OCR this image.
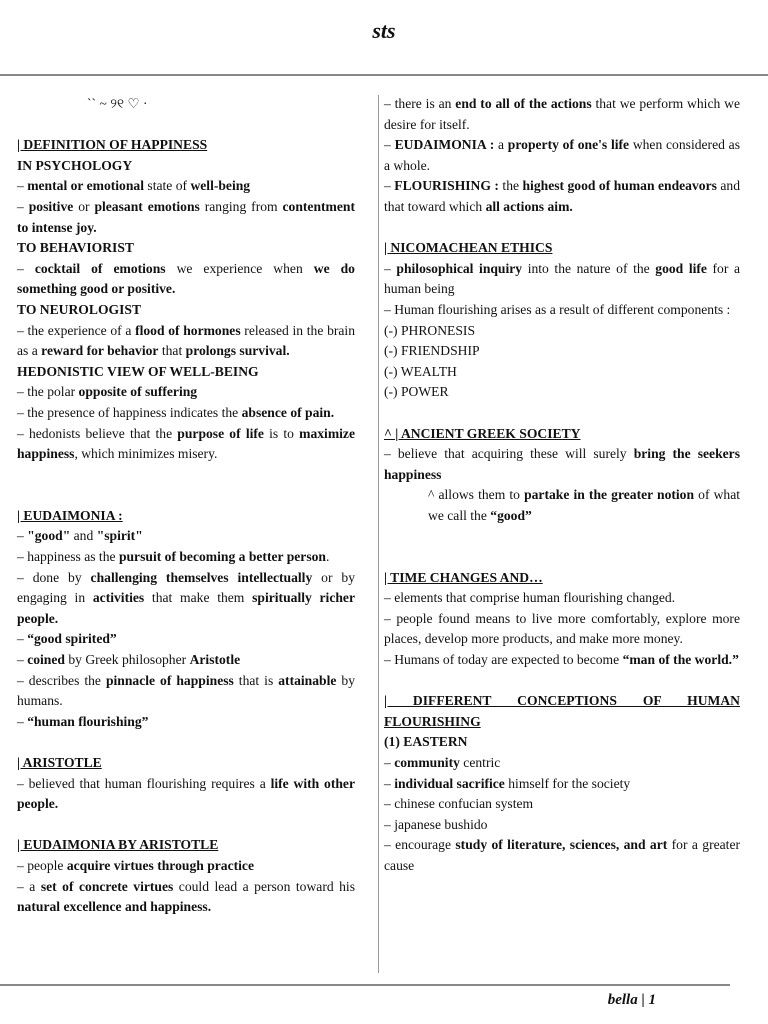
sts

`` ~ ୨୧ ♡ ·

| DEFINITION OF HAPPINESS

IN PSYCHOLOGY

– mental or emotional state of well-being

– positive or pleasant emotions ranging from contentment to intense joy.

TO BEHAVIORIST

– cocktail of emotions we experience when we do something good or positive.

TO NEUROLOGIST

– the experience of a flood of hormones released in the brain as a reward for behavior that prolongs survival.

HEDONISTIC VIEW OF WELL-BEING

– the polar opposite of suffering

– the presence of happiness indicates the absence of pain.

– hedonists believe that the purpose of life is to maximize happiness, which minimizes misery.

| EUDAIMONIA :

– "good" and "spirit"

– happiness as the pursuit of becoming a better person.

– done by challenging themselves intellectually or by engaging in activities that make them spiritually richer people.

– “good spirited”

– coined by Greek philosopher Aristotle

– describes the pinnacle of happiness that is attainable by humans.

– “human flourishing”

| ARISTOTLE

– believed that human flourishing requires a life with other people.

| EUDAIMONIA BY ARISTOTLE

– people acquire virtues through practice

– a set of concrete virtues could lead a person toward his natural excellence and happiness.

– there is an end to all of the actions that we perform which we desire for itself.

– EUDAIMONIA : a property of one's life when considered as a whole.

– FLOURISHING : the highest good of human endeavors and that toward which all actions aim.

| NICOMACHEAN ETHICS

– philosophical inquiry into the nature of the good life for a human being

– Human flourishing arises as a result of different components :

(-) PHRONESIS

(-) FRIENDSHIP

(-) WEALTH

(-) POWER

^ | ANCIENT GREEK SOCIETY

– believe that acquiring these will surely bring the seekers happiness

^ allows them to partake in the greater notion of what we call the “good”

| TIME CHANGES AND…

– elements that comprise human flourishing changed.

– people found means to live more comfortably, explore more places, develop more products, and make more money.

– Humans of today are expected to become “man of the world.”

| DIFFERENT CONCEPTIONS OF HUMAN FLOURISHING

(1) EASTERN

– community centric

– individual sacrifice himself for the society

– chinese confucian system

– japanese bushido

– encourage study of literature, sciences, and art for a greater cause

bella | 1
